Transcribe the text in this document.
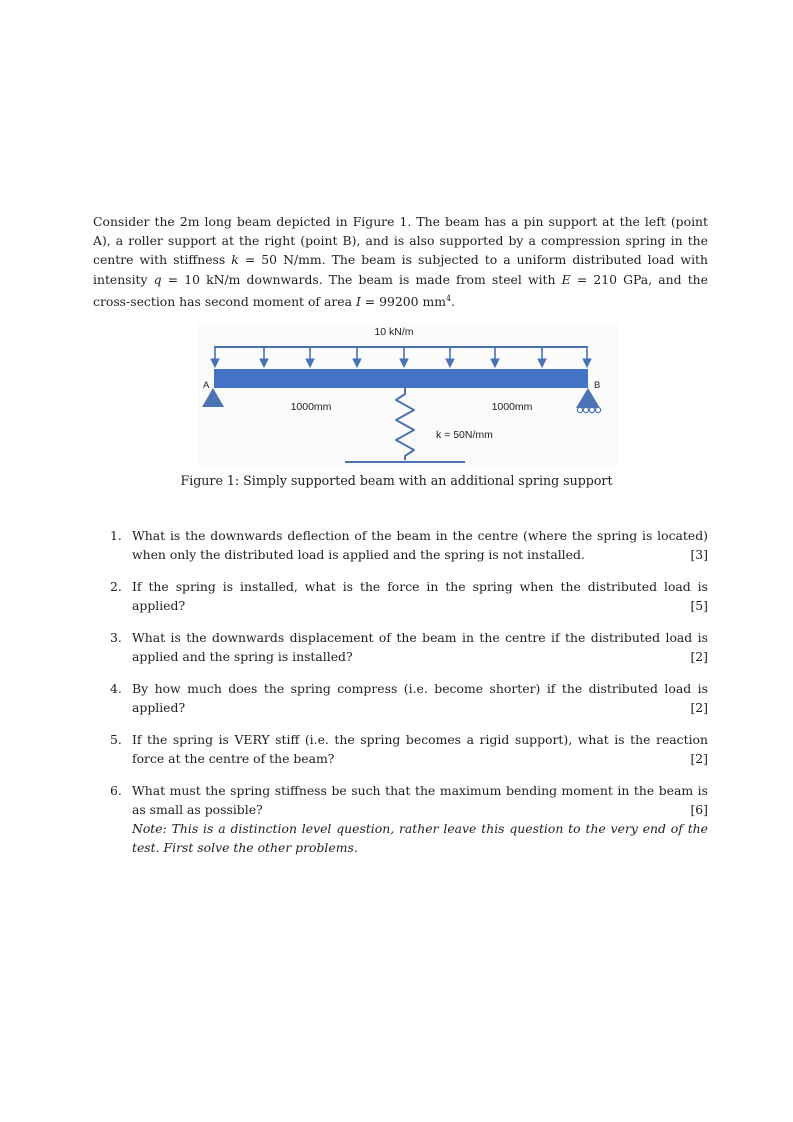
Consider the 2m long beam depicted in Figure 1. The beam has a pin support at the left (point A), a roller support at the right (point B), and is also supported by a compression spring in the centre with stiffness k = 50 N/mm. The beam is subjected to a uniform distributed load with intensity q = 10 kN/m downwards. The beam is made from steel with E = 210 GPa, and the cross-section has second moment of area I = 99200 $mm^4$.

10 kN/m
A	B
1000mm	1000mm
k = 50N/mm

Figure 1: Simply supported beam with an additional spring support

1. What is the downwards deflection of the beam in the centre (where the spring is located) when only the distributed load is applied and the spring is not installed.	[3]
2. If the spring is installed, what is the force in the spring when the distributed load is applied?	[5]
3. What is the downwards displacement of the beam in the centre if the distributed load is applied and the spring is installed?	[2]
4. By how much does the spring compress (i.e. become shorter) if the distributed load is applied?	[2]
5. If the spring is VERY stiff (i.e. the spring becomes a rigid support), what is the reaction force at the centre of the beam?	[2]
6. What must the spring stiffness be such that the maximum bending moment in the beam is as small as possible?	[6]
Note: This is a distinction level question, rather leave this question to the very end of the test. First solve the other problems.
